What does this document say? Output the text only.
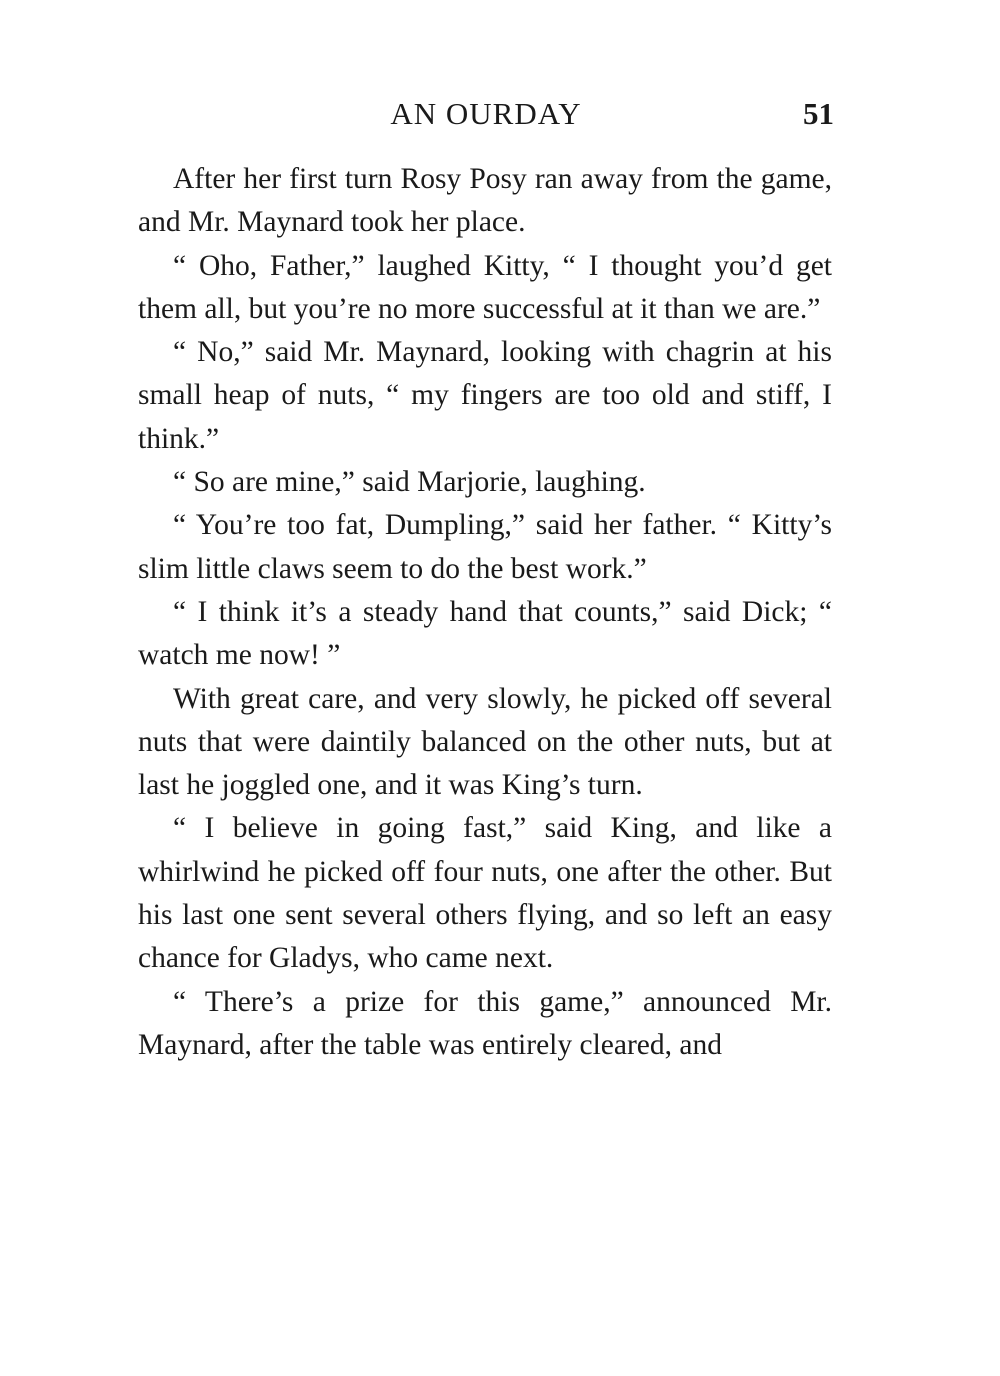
AN OURDAY	51

After her first turn Rosy Posy ran away from the game, and Mr. Maynard took her place.

“ Oho, Father,” laughed Kitty, “ I thought you’d get them all, but you’re no more successful at it than we are.”

“ No,” said Mr. Maynard, looking with chagrin at his small heap of nuts, “ my fingers are too old and stiff, I think.”

“ So are mine,” said Marjorie, laughing.

“ You’re too fat, Dumpling,” said her father. “ Kitty’s slim little claws seem to do the best work.”

“ I think it’s a steady hand that counts,” said Dick; “ watch me now! ”

With great care, and very slowly, he picked off several nuts that were daintily balanced on the other nuts, but at last he joggled one, and it was King’s turn.

“ I believe in going fast,” said King, and like a whirlwind he picked off four nuts, one after the other. But his last one sent several others flying, and so left an easy chance for Gladys, who came next.

“ There’s a prize for this game,” announced Mr. Maynard, after the table was entirely cleared, and
